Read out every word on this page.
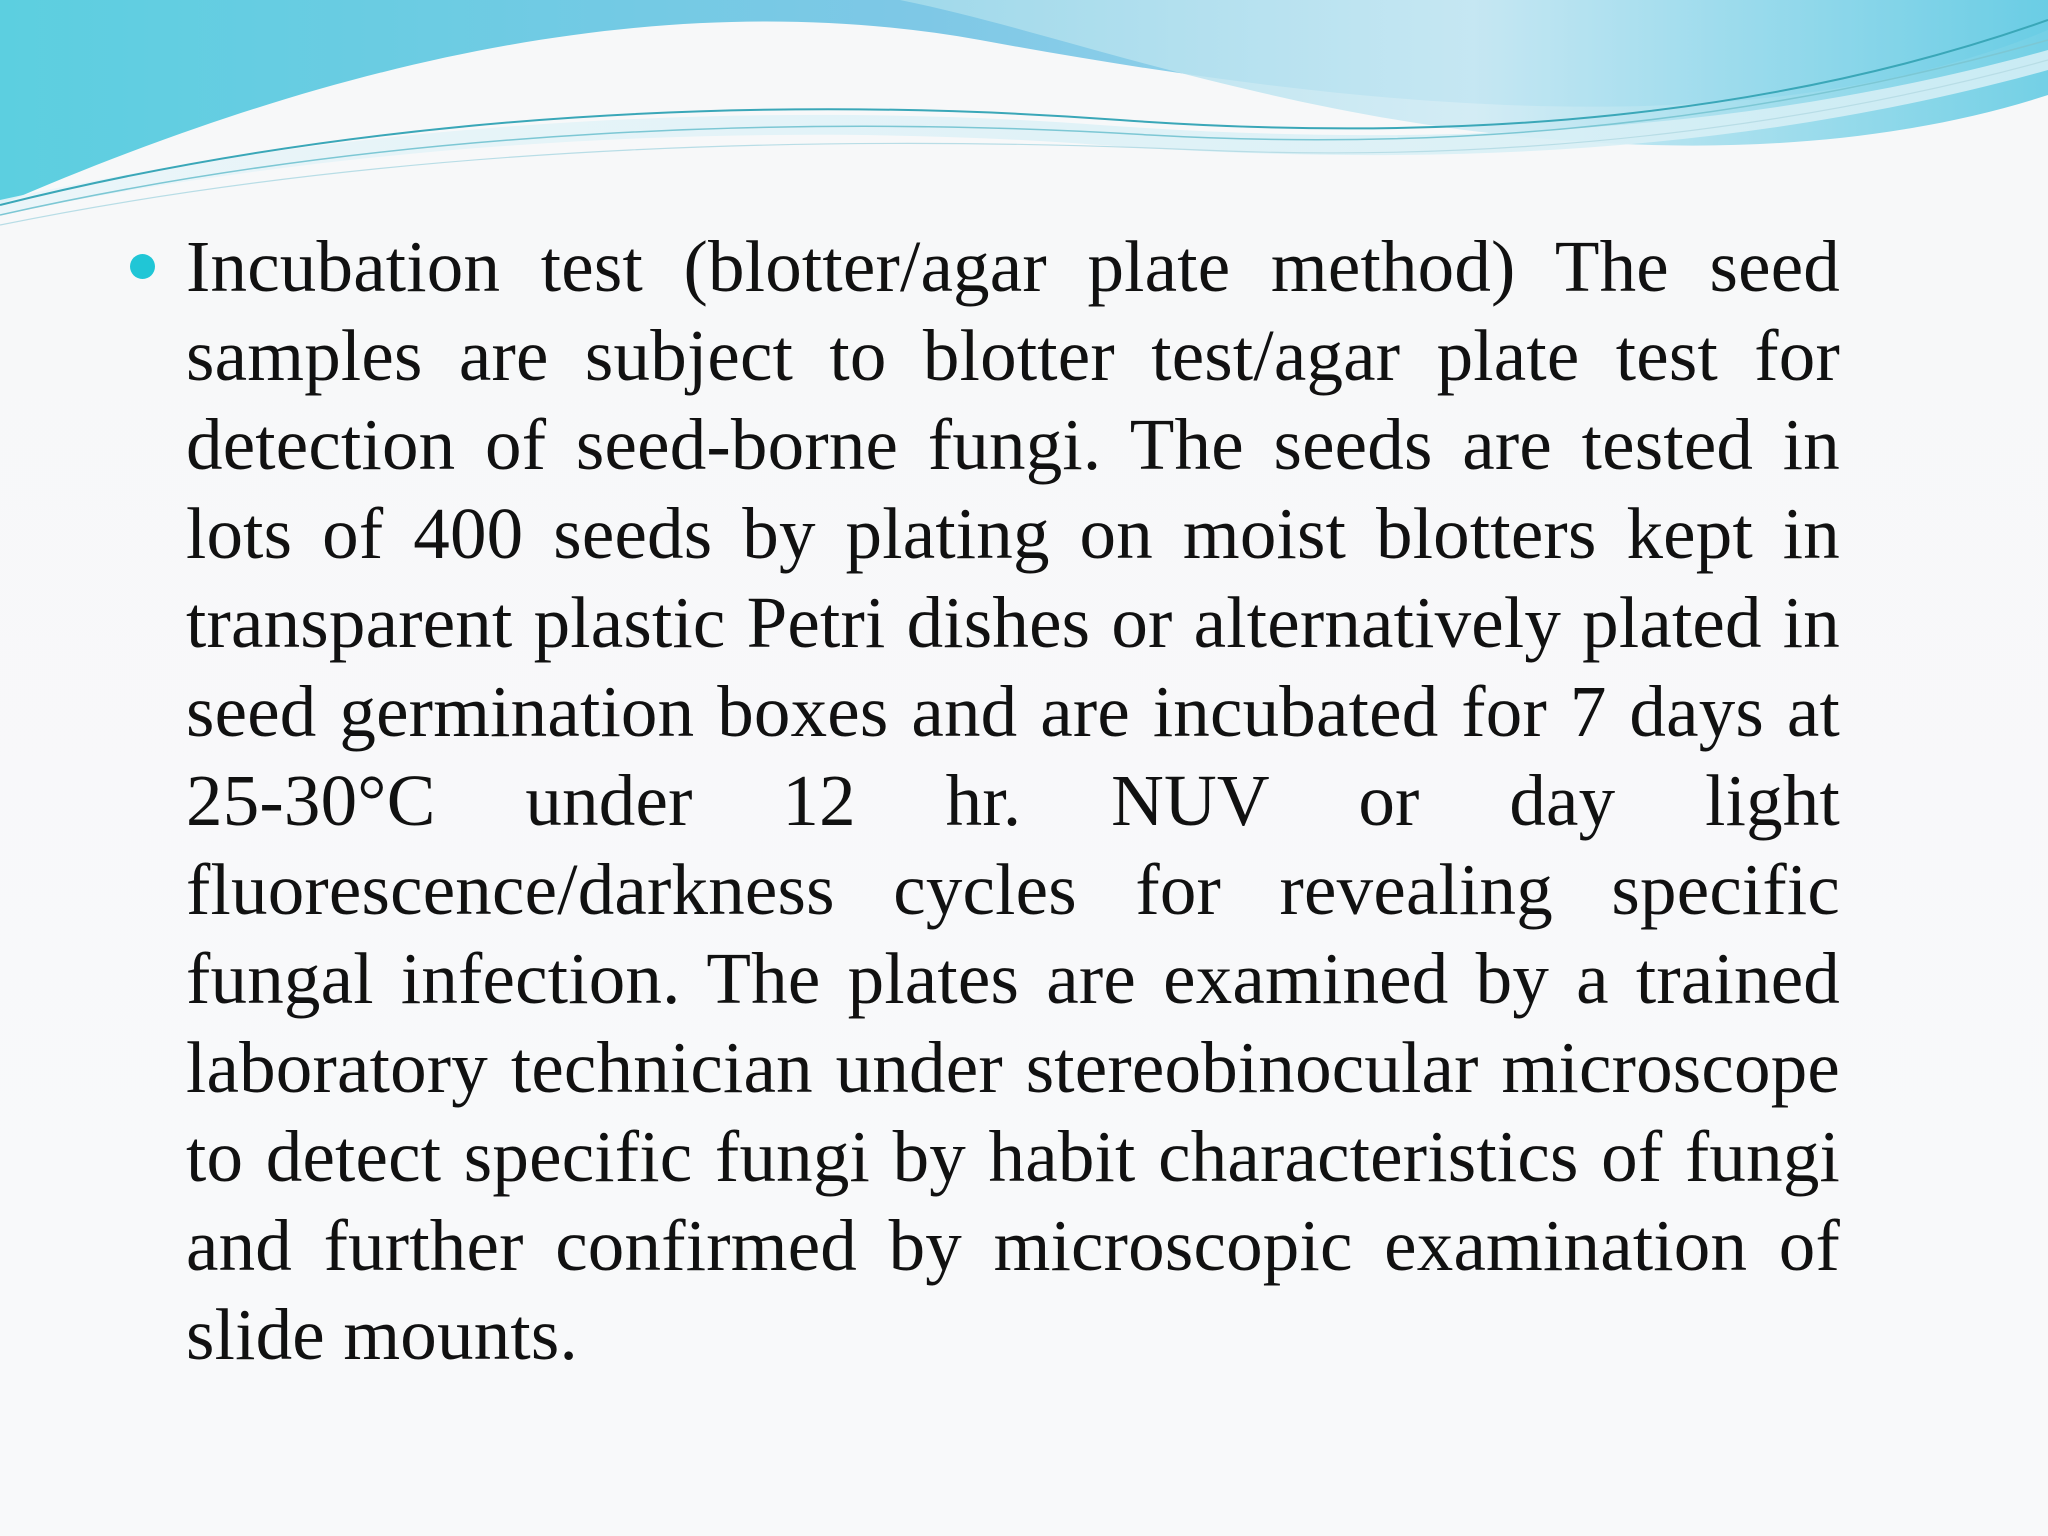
Incubation test (blotter/agar plate method) The seed samples are subject to blotter test/agar plate test for detection of seed-borne fungi. The seeds are tested in lots of 400 seeds by plating on moist blotters kept in transparent plastic Petri dishes or alternatively plated in seed germination boxes and are incubated for 7 days at 25-30°C under 12 hr. NUV or day light fluorescence/darkness cycles for revealing specific fungal infection. The plates are examined by a trained laboratory technician under stereobinocular microscope to detect specific fungi by habit characteristics of fungi and further confirmed by microscopic examination of slide mounts.
